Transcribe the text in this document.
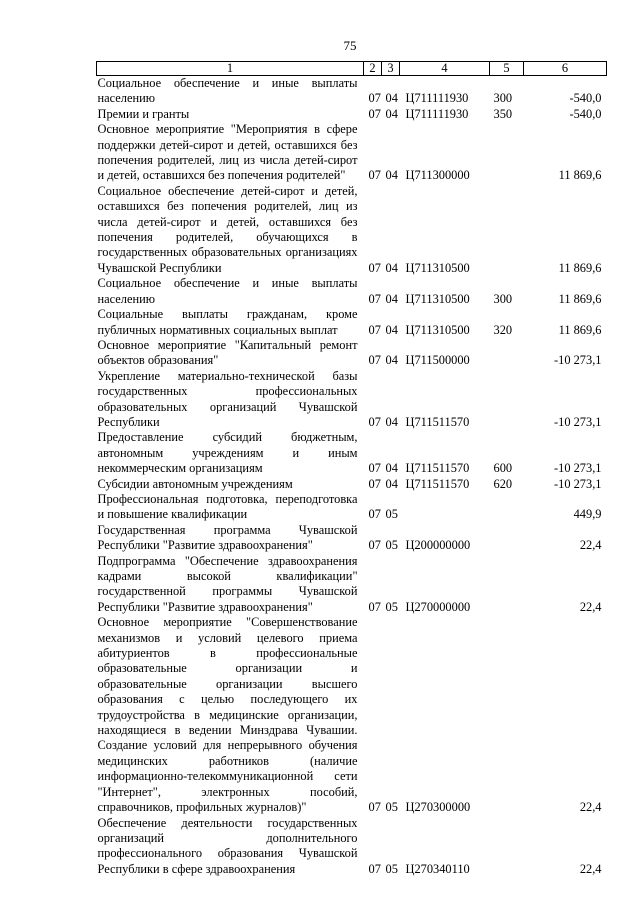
75
1	2	3	4	5	6
Социальное обеспечение и иные выплаты населению	07	04	Ц711111930	300	-540,0
Премии и гранты	07	04	Ц711111930	350	-540,0
Основное мероприятие "Мероприятия в сфере поддержки детей-сирот и детей, оставшихся без попечения родителей, лиц из числа детей-сирот и детей, оставшихся без попечения родителей"	07	04	Ц711300000		11 869,6
Социальное обеспечение детей-сирот и детей, оставшихся без попечения родителей, лиц из числа детей-сирот и детей, оставшихся без попечения родителей, обучающихся в государственных образовательных организациях Чувашской Республики	07	04	Ц711310500		11 869,6
Социальное обеспечение и иные выплаты населению	07	04	Ц711310500	300	11 869,6
Социальные выплаты гражданам, кроме публичных нормативных социальных выплат	07	04	Ц711310500	320	11 869,6
Основное мероприятие "Капитальный ремонт объектов образования"	07	04	Ц711500000		-10 273,1
Укрепление материально-технической базы государственных профессиональных образовательных организаций Чувашской Республики	07	04	Ц711511570		-10 273,1
Предоставление субсидий бюджетным, автономным учреждениям и иным некоммерческим организациям	07	04	Ц711511570	600	-10 273,1
Субсидии автономным учреждениям	07	04	Ц711511570	620	-10 273,1
Профессиональная подготовка, переподготовка и повышение квалификации	07	05			449,9
Государственная программа Чувашской Республики "Развитие здравоохранения"	07	05	Ц200000000		22,4
Подпрограмма "Обеспечение здравоохранения кадрами высокой квалификации" государственной программы Чувашской Республики "Развитие здравоохранения"	07	05	Ц270000000		22,4
Основное мероприятие "Совершенствование механизмов и условий целевого приема абитуриентов в профессиональные образовательные организации и образовательные организации высшего образования с целью последующего их трудоустройства в медицинские организации, находящиеся в ведении Минздрава Чувашии. Создание условий для непрерывного обучения медицинских работников (наличие информационно-телекоммуникационной сети "Интернет", электронных пособий, справочников, профильных журналов)"	07	05	Ц270300000		22,4
Обеспечение деятельности государственных организаций дополнительного профессионального образования Чувашской Республики в сфере здравоохранения	07	05	Ц270340110		22,4
